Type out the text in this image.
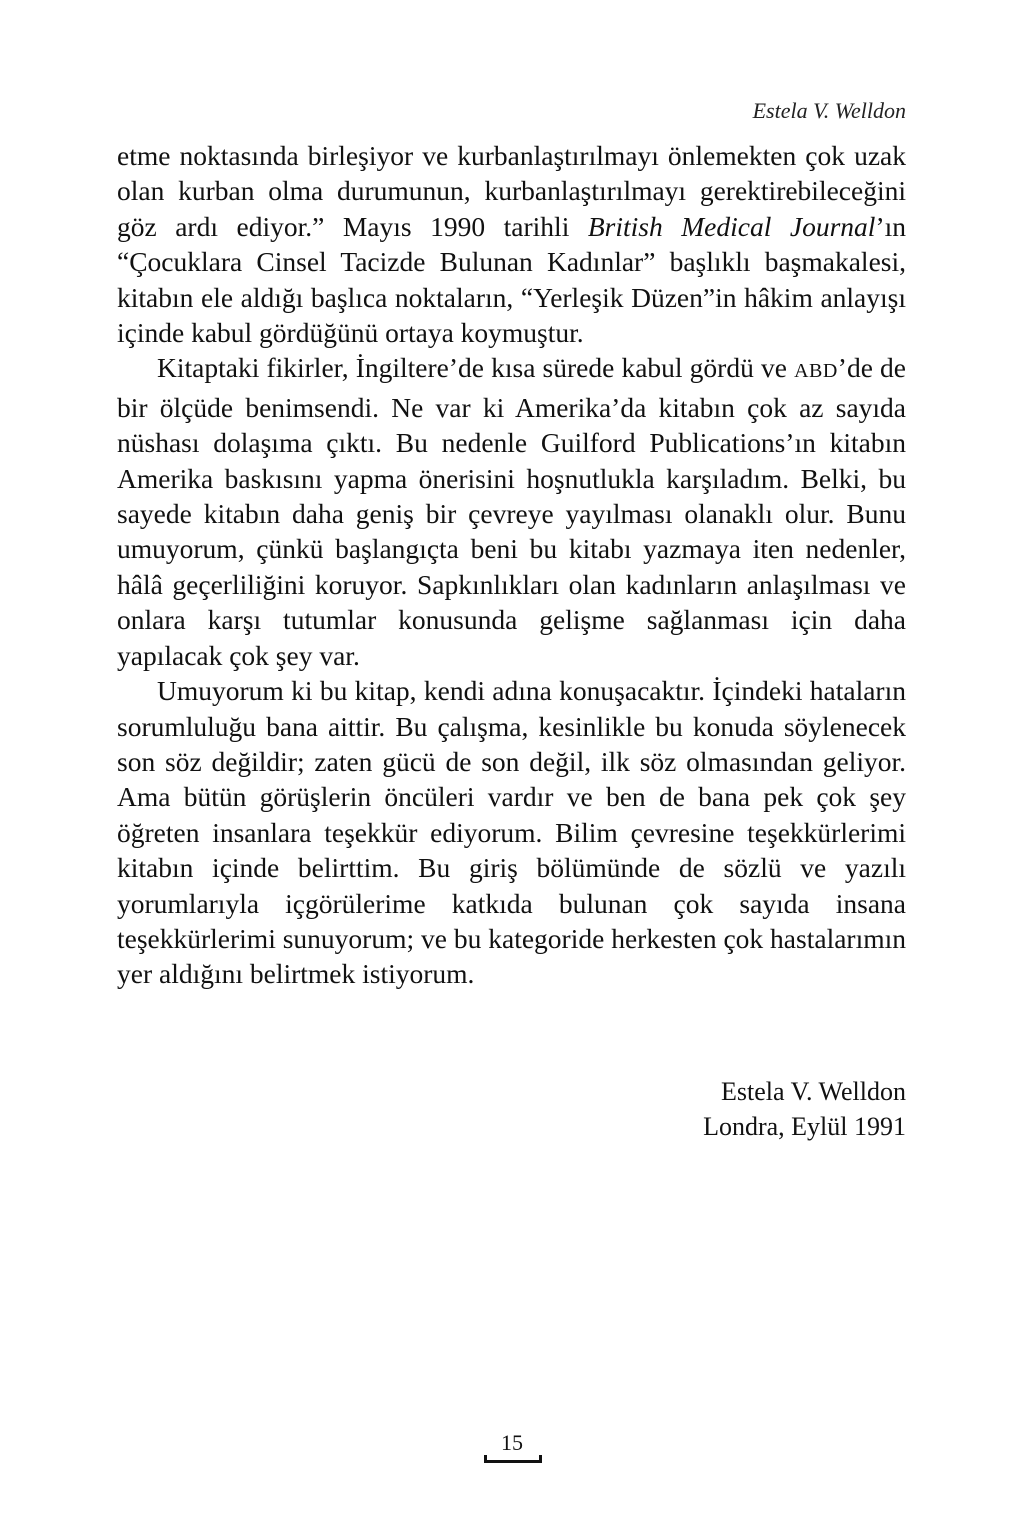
Estela V. Welldon

etme noktasında birleşiyor ve kurbanlaştırılmayı önlemekten çok uzak olan kurban olma durumunun, kurbanlaştırılmayı gerektirebileceğini göz ardı ediyor.” Mayıs 1990 tarihli British Medical Journal’ın “Çocuklara Cinsel Tacizde Bulunan Kadınlar” başlıklı başmakalesi, kitabın ele aldığı başlıca noktaların, “Yerleşik Düzen”in hâkim anlayışı içinde kabul gördüğünü ortaya koymuştur.

Kitaptaki fikirler, İngiltere’de kısa sürede kabul gördü ve ABD’de de bir ölçüde benimsendi. Ne var ki Amerika’da kitabın çok az sayıda nüshası dolaşıma çıktı. Bu nedenle Guilford Publications’ın kitabın Amerika baskısını yapma önerisini hoşnutlukla karşıladım. Belki, bu sayede kitabın daha geniş bir çevreye yayılması olanaklı olur. Bunu umuyorum, çünkü başlangıçta beni bu kitabı yazmaya iten nedenler, hâlâ geçerliliğini koruyor. Sapkınlıkları olan kadınların anlaşılması ve onlara karşı tutumlar konusunda gelişme sağlanması için daha yapılacak çok şey var.

Umuyorum ki bu kitap, kendi adına konuşacaktır. İçindeki hataların sorumluluğu bana aittir. Bu çalışma, kesinlikle bu konuda söylenecek son söz değildir; zaten gücü de son değil, ilk söz olmasından geliyor. Ama bütün görüşlerin öncüleri vardır ve ben de bana pek çok şey öğreten insanlara teşekkür ediyorum. Bilim çevresine teşekkürlerimi kitabın içinde belirttim. Bu giriş bölümünde de sözlü ve yazılı yorumlarıyla içgörülerime katkıda bulunan çok sayıda insana teşekkürlerimi sunuyorum; ve bu kategoride herkesten çok hastalarımın yer aldığını belirtmek istiyorum.

Estela V. Welldon
Londra, Eylül 1991
15
